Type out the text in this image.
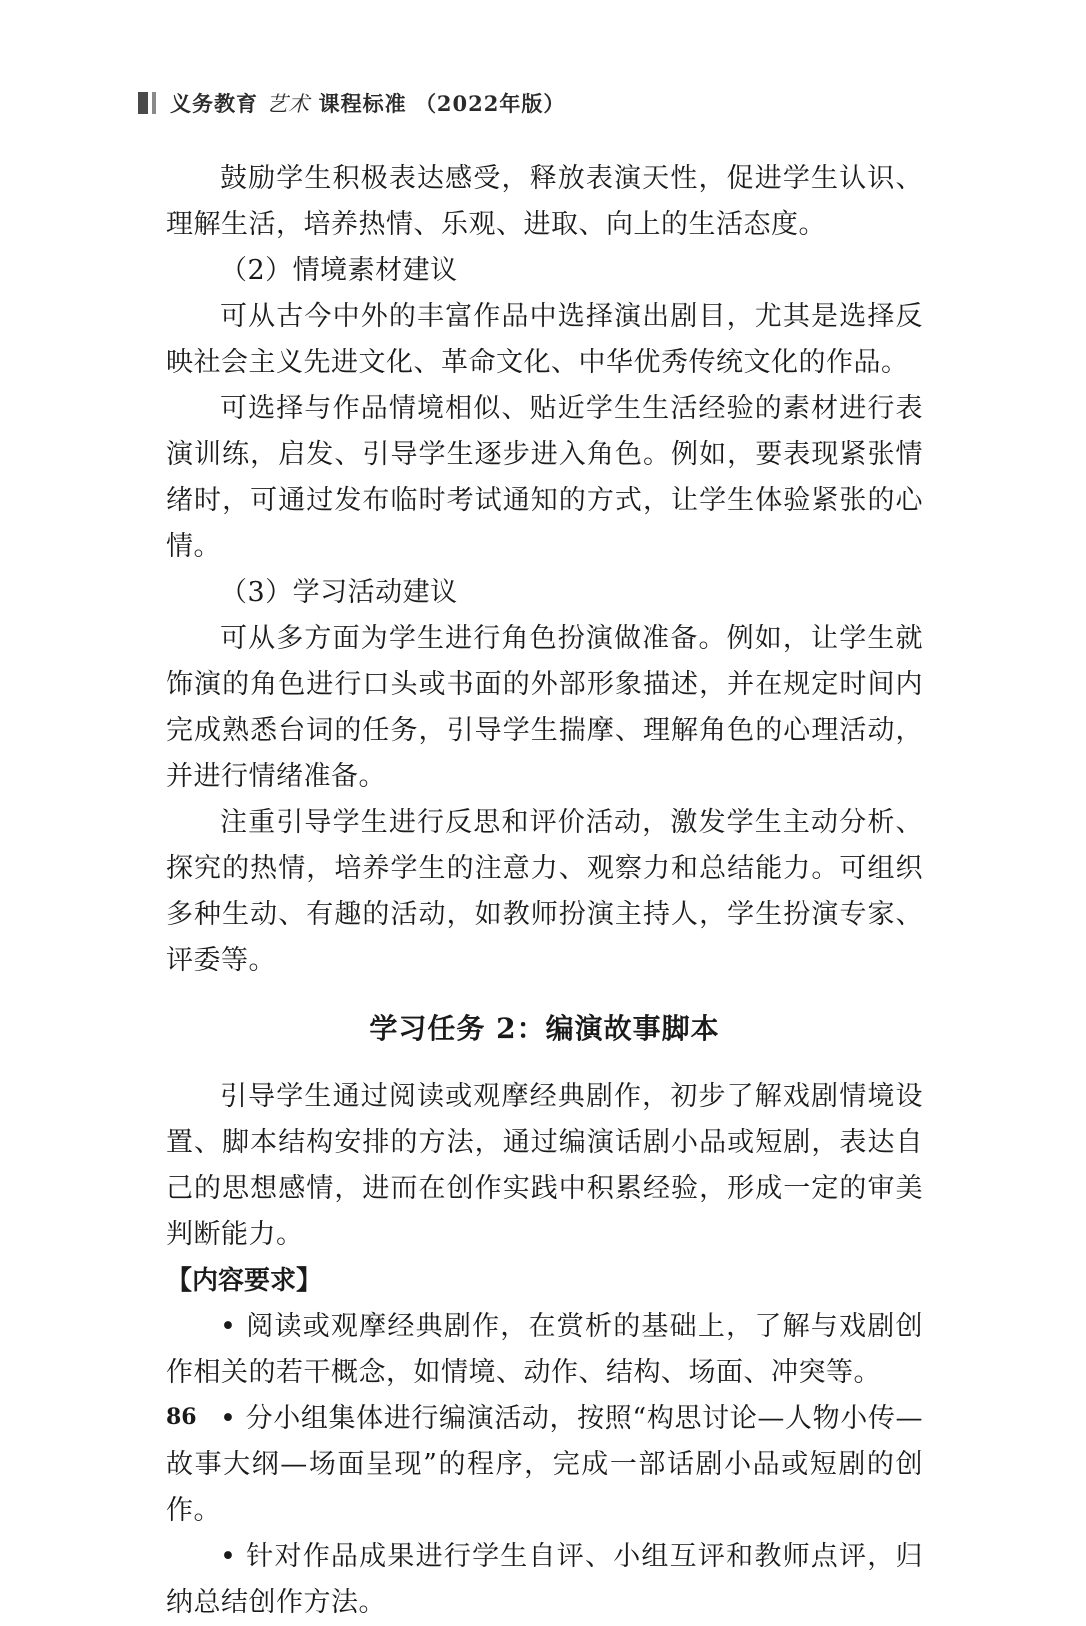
义务教育 艺术 课程标准 （2022年版）

鼓励学生积极表达感受，释放表演天性，促进学生认识、理解生活，培养热情、乐观、进取、向上的生活态度。

（2）情境素材建议

可从古今中外的丰富作品中选择演出剧目，尤其是选择反映社会主义先进文化、革命文化、中华优秀传统文化的作品。

可选择与作品情境相似、贴近学生生活经验的素材进行表演训练，启发、引导学生逐步进入角色。例如，要表现紧张情绪时，可通过发布临时考试通知的方式，让学生体验紧张的心情。

（3）学习活动建议

可从多方面为学生进行角色扮演做准备。例如，让学生就饰演的角色进行口头或书面的外部形象描述，并在规定时间内完成熟悉台词的任务，引导学生揣摩、理解角色的心理活动，并进行情绪准备。

注重引导学生进行反思和评价活动，激发学生主动分析、探究的热情，培养学生的注意力、观察力和总结能力。可组织多种生动、有趣的活动，如教师扮演主持人，学生扮演专家、评委等。

学习任务 2：编演故事脚本

引导学生通过阅读或观摩经典剧作，初步了解戏剧情境设置、脚本结构安排的方法，通过编演话剧小品或短剧，表达自己的思想感情，进而在创作实践中积累经验，形成一定的审美判断能力。

【内容要求】

• 阅读或观摩经典剧作，在赏析的基础上，了解与戏剧创作相关的若干概念，如情境、动作、结构、场面、冲突等。

• 分小组集体进行编演活动，按照“构思讨论—人物小传—故事大纲—场面呈现”的程序，完成一部话剧小品或短剧的创作。

• 针对作品成果进行学生自评、小组互评和教师点评，归纳总结创作方法。

86
